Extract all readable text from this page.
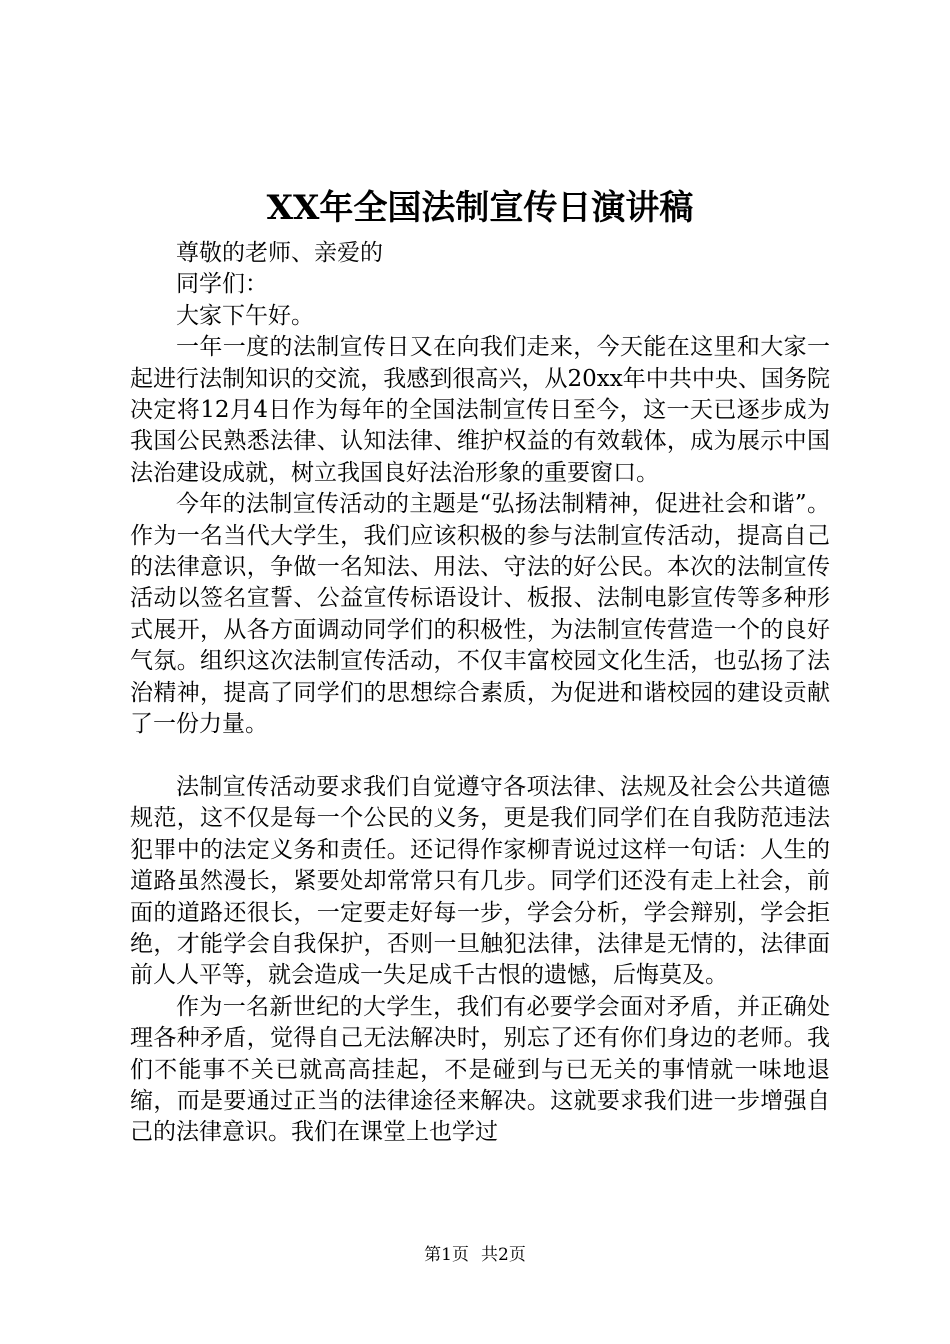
XX年全国法制宣传日演讲稿

尊敬的老师、亲爱的

同学们：

大家下午好。

一年一度的法制宣传日又在向我们走来，今天能在这里和大家一起进行法制知识的交流，我感到很高兴，从20xx年中共中央、国务院决定将12月4日作为每年的全国法制宣传日至今，这一天已逐步成为我国公民熟悉法律、认知法律、维护权益的有效载体，成为展示中国法治建设成就，树立我国良好法治形象的重要窗口。

今年的法制宣传活动的主题是“弘扬法制精神，促进社会和谐”。作为一名当代大学生，我们应该积极的参与法制宣传活动，提高自己的法律意识，争做一名知法、用法、守法的好公民。本次的法制宣传活动以签名宣誓、公益宣传标语设计、板报、法制电影宣传等多种形式展开，从各方面调动同学们的积极性，为法制宣传营造一个的良好气氛。组织这次法制宣传活动，不仅丰富校园文化生活，也弘扬了法治精神，提高了同学们的思想综合素质，为促进和谐校园的建设贡献了一份力量。

法制宣传活动要求我们自觉遵守各项法律、法规及社会公共道德规范，这不仅是每一个公民的义务，更是我们同学们在自我防范违法犯罪中的法定义务和责任。还记得作家柳青说过这样一句话：人生的道路虽然漫长，紧要处却常常只有几步。同学们还没有走上社会，前面的道路还很长，一定要走好每一步，学会分析，学会辩别，学会拒绝，才能学会自我保护，否则一旦触犯法律，法律是无情的，法律面前人人平等，就会造成一失足成千古恨的遗憾，后悔莫及。

作为一名新世纪的大学生，我们有必要学会面对矛盾，并正确处理各种矛盾，觉得自己无法解决时，别忘了还有你们身边的老师。我们不能事不关已就高高挂起，不是碰到与已无关的事情就一味地退缩，而是要通过正当的法律途径来解决。这就要求我们进一步增强自己的法律意识。我们在课堂上也学过

第1页 共2页
